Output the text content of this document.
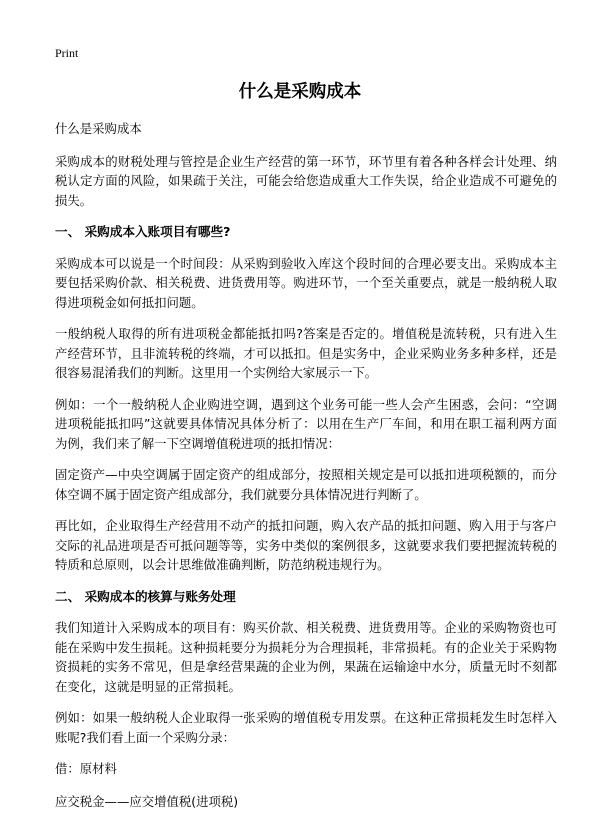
Print
什么是采购成本

什么是采购成本

采购成本的财税处理与管控是企业生产经营的第一环节，环节里有着各种各样会计处理、纳税认定方面的风险，如果疏于关注，可能会给您造成重大工作失误，给企业造成不可避免的损失。

一、 采购成本入账项目有哪些?

采购成本可以说是一个时间段：从采购到验收入库这个段时间的合理必要支出。采购成本主要包括采购价款、相关税费、进货费用等。购进环节，一个至关重要点，就是一般纳税人取得进项税金如何抵扣问题。

一般纳税人取得的所有进项税金都能抵扣吗?答案是否定的。增值税是流转税，只有进入生产经营环节，且非流转税的终端，才可以抵扣。但是实务中，企业采购业务多种多样，还是很容易混淆我们的判断。这里用一个实例给大家展示一下。

例如：一个一般纳税人企业购进空调，遇到这个业务可能一些人会产生困惑，会问：“空调进项税能抵扣吗”这就要具体情况具体分析了：以用在生产厂车间，和用在职工福利两方面为例，我们来了解一下空调增值税进项的抵扣情况：

固定资产—中央空调属于固定资产的组成部分，按照相关规定是可以抵扣进项税额的，而分体空调不属于固定资产组成部分，我们就要分具体情况进行判断了。

再比如，企业取得生产经营用不动产的抵扣问题，购入农产品的抵扣问题、购入用于与客户交际的礼品进项是否可抵问题等等，实务中类似的案例很多，这就要求我们要把握流转税的特质和总原则，以会计思维做准确判断，防范纳税违规行为。

二、 采购成本的核算与账务处理

我们知道计入采购成本的项目有：购买价款、相关税费、进货费用等。企业的采购物资也可能在采购中发生损耗。这种损耗要分为损耗分为合理损耗，非常损耗。有的企业关于采购物资损耗的实务不常见，但是拿经营果蔬的企业为例，果蔬在运输途中水分，质量无时不刻都在变化，这就是明显的正常损耗。

例如：如果一般纳税人企业取得一张采购的增值税专用发票。在这种正常损耗发生时怎样入账呢?我们看上面一个采购分录：

借：原材料

应交税金——应交增值税(进项税)
